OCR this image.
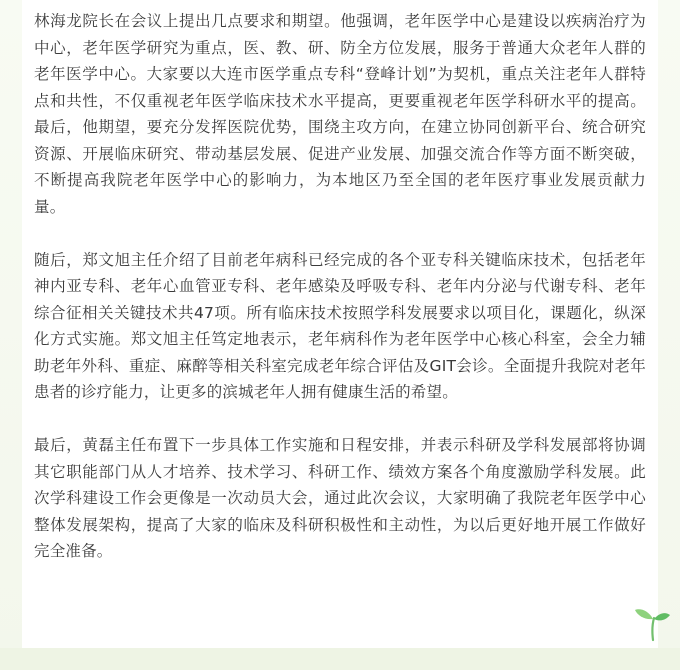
林海龙院长在会议上提出几点要求和期望。他强调，老年医学中心是建设以疾病治疗为中心，老年医学研究为重点，医、教、研、防全方位发展，服务于普通大众老年人群的老年医学中心。大家要以大连市医学重点专科“登峰计划”为契机，重点关注老年人群特点和共性，不仅重视老年医学临床技术水平提高，更要重视老年医学科研水平的提高。最后，他期望，要充分发挥医院优势，围绕主攻方向，在建立协同创新平台、统合研究资源、开展临床研究、带动基层发展、促进产业发展、加强交流合作等方面不断突破，不断提高我院老年医学中心的影响力，为本地区乃至全国的老年医疗事业发展贡献力量。

随后，郑文旭主任介绍了目前老年病科已经完成的各个亚专科关键临床技术，包括老年神内亚专科、老年心血管亚专科、老年感染及呼吸专科、老年内分泌与代谢专科、老年综合征相关关键技术共47项。所有临床技术按照学科发展要求以项目化，课题化，纵深化方式实施。郑文旭主任笃定地表示，老年病科作为老年医学中心核心科室，会全力辅助老年外科、重症、麻醉等相关科室完成老年综合评估及GIT会诊。全面提升我院对老年患者的诊疗能力，让更多的滨城老年人拥有健康生活的希望。

最后，黄磊主任布置下一步具体工作实施和日程安排，并表示科研及学科发展部将协调其它职能部门从人才培养、技术学习、科研工作、绩效方案各个角度激励学科发展。此次学科建设工作会更像是一次动员大会，通过此次会议，大家明确了我院老年医学中心整体发展架构，提高了大家的临床及科研积极性和主动性，为以后更好地开展工作做好完全准备。
